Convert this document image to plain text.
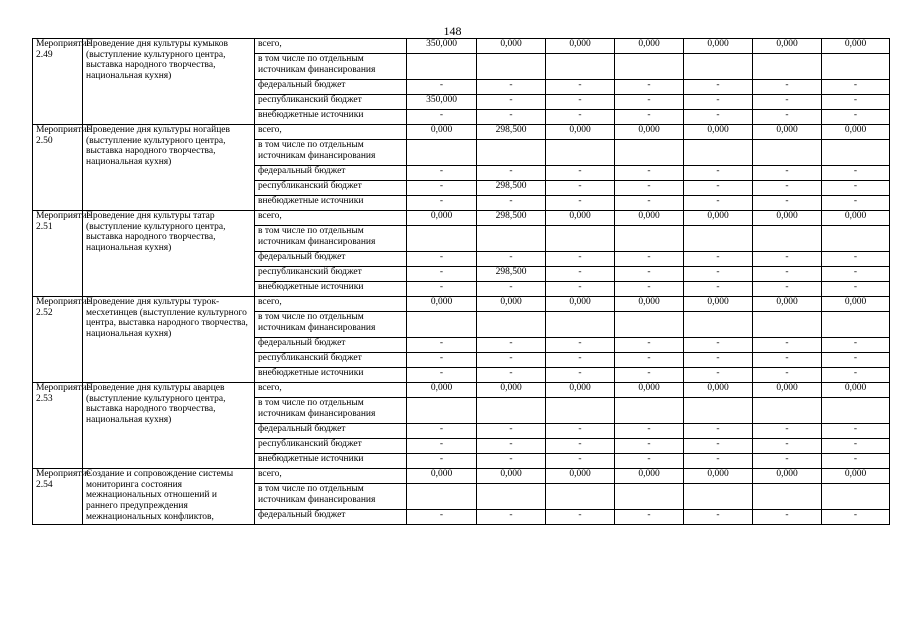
148
Мероприятие 2.49	Проведение дня культуры кумыков (выступление культурного центра, выставка народного творчества, национальная кухня)	всего,	350,000	0,000	0,000	0,000	0,000	0,000	0,000
		в том числе по отдельным источникам финансирования							
		федеральный бюджет	-	-	-	-	-	-	-
		республиканский бюджет	350,000	-	-	-	-	-	-
		внебюджетные источники	-	-	-	-	-	-	-
Мероприятие 2.50	Проведение дня культуры ногайцев (выступление культурного центра, выставка народного творчества, национальная кухня)	всего,	0,000	298,500	0,000	0,000	0,000	0,000	0,000
		в том числе по отдельным источникам финансирования							
		федеральный бюджет	-	-	-	-	-	-	-
		республиканский бюджет	-	298,500	-	-	-	-	-
		внебюджетные источники	-	-	-	-	-	-	-
Мероприятие 2.51	Проведение дня культуры татар (выступление культурного центра, выставка народного творчества, национальная кухня)	всего,	0,000	298,500	0,000	0,000	0,000	0,000	0,000
		в том числе по отдельным источникам финансирования							
		федеральный бюджет	-	-	-	-	-	-	-
		республиканский бюджет	-	298,500	-	-	-	-	-
		внебюджетные источники	-	-	-	-	-	-	-
Мероприятие 2.52	Проведение дня культуры турок-месхетинцев (выступление культурного центра, выставка народного творчества, национальная кухня)	всего,	0,000	0,000	0,000	0,000	0,000	0,000	0,000
		в том числе по отдельным источникам финансирования							
		федеральный бюджет	-	-	-	-	-	-	-
		республиканский бюджет	-	-	-	-	-	-	-
		внебюджетные источники	-	-	-	-	-	-	-
Мероприятие 2.53	Проведение дня культуры аварцев (выступление культурного центра, выставка народного творчества, национальная кухня)	всего,	0,000	0,000	0,000	0,000	0,000	0,000	0,000
		в том числе по отдельным источникам финансирования							
		федеральный бюджет	-	-	-	-	-	-	-
		республиканский бюджет	-	-	-	-	-	-	-
		внебюджетные источники	-	-	-	-	-	-	-
Мероприятие 2.54	Создание и сопровождение системы мониторинга состояния межнациональных отношений и раннего предупреждения межнациональных конфликтов,	всего,	0,000	0,000	0,000	0,000	0,000	0,000	0,000
		в том числе по отдельным источникам финансирования							
		федеральный бюджет	-	-	-	-	-	-	-
